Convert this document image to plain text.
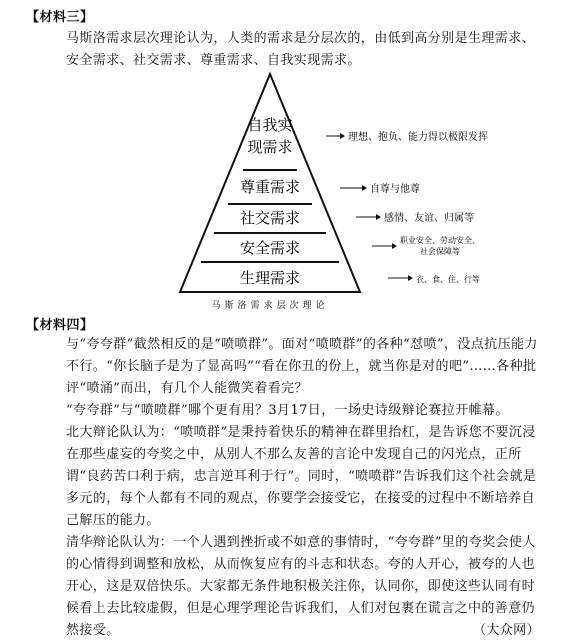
【材料三】
马斯洛需求层次理论认为，人类的需求是分层次的，由低到高分别是生理需求、安全需求、社交需求、尊重需求、自我实现需求。
自我实
现需求
尊重需求
社交需求
安全需求
生理需求
理想、抱负、能力得以极限发挥
自尊与他尊
感情、友谊、归属等
职业安全、劳动安全、
社会保障等
衣、食、住、行等
马斯洛需求层次理论
【材料四】
与“夸夸群”截然相反的是“喷喷群”。面对“喷喷群”的各种“怼喷”，没点抗压能力不行。“你长脑子是为了显高吗”“看在你丑的份上，就当你是对的吧”……各种批评“喷涌”而出，有几个人能微笑着看完？
“夸夸群”与“喷喷群”哪个更有用？3月17日，一场史诗级辩论赛拉开帷幕。
北大辩论队认为：“喷喷群”是秉持着快乐的精神在群里抬杠，是告诉您不要沉浸在那些虚妄的夸奖之中，从别人不那么友善的言论中发现自己的闪光点，正所谓“良药苦口利于病，忠言逆耳利于行”。同时，“喷喷群”告诉我们这个社会就是多元的，每个人都有不同的观点，你要学会接受它，在接受的过程中不断培养自己解压的能力。
清华辩论队认为：一个人遇到挫折或不如意的事情时，“夸夸群”里的夸奖会使人的心情得到调整和放松，从而恢复应有的斗志和状态。夸的人开心，被夸的人也开心，这是双倍快乐。大家都无条件地积极关注你，认同你，即使这些认同有时候看上去比较虚假，但是心理学理论告诉我们，人们对包裹在谎言之中的善意仍然接受。	（大众网）
